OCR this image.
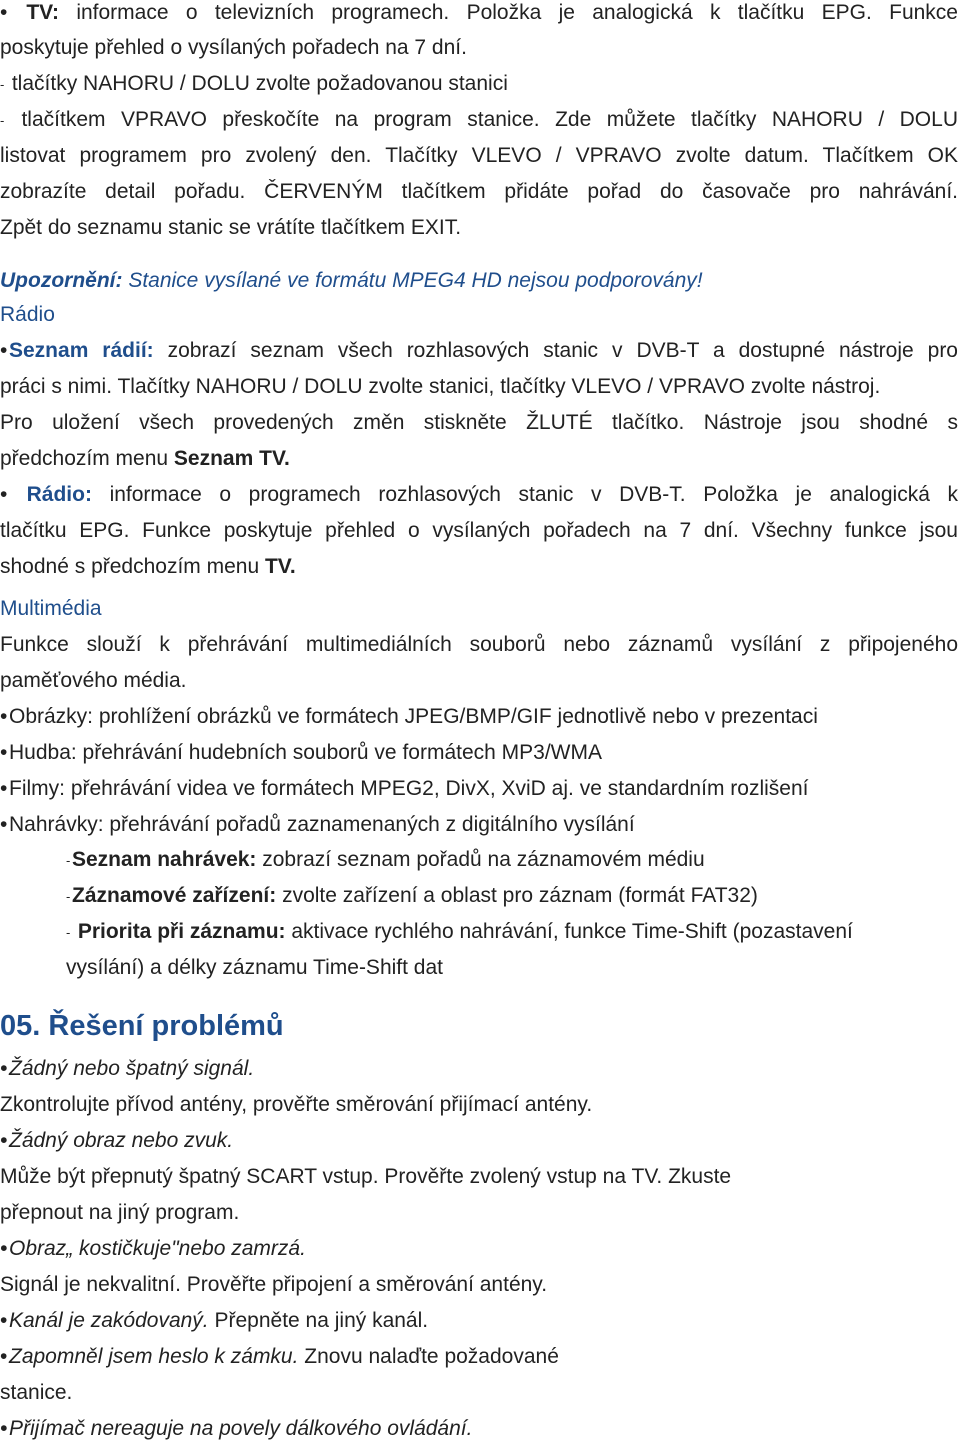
• TV: informace o televizních programech. Položka je analogická k tlačítku EPG. Funkce
poskytuje přehled o vysílaných pořadech na 7 dní.
- tlačítky NAHORU / DOLU zvolte požadovanou stanici
- tlačítkem VPRAVO přeskočíte na program stanice. Zde můžete tlačítky NAHORU / DOLU
listovat programem pro zvolený den. Tlačítky VLEVO / VPRAVO zvolte datum. Tlačítkem OK
zobrazíte detail pořadu. ČERVENÝM tlačítkem přidáte pořad do časovače pro nahrávání.
Zpět do seznamu stanic se vrátíte tlačítkem EXIT.
Upozornění: Stanice vysílané ve formátu MPEG4 HD nejsou podporovány!
Rádio
•Seznam rádií: zobrazí seznam všech rozhlasových stanic v DVB-T a dostupné nástroje pro
práci s nimi. Tlačítky NAHORU / DOLU zvolte stanici, tlačítky VLEVO / VPRAVO zvolte nástroj.
Pro uložení všech provedených změn stiskněte ŽLUTÉ tlačítko. Nástroje jsou shodné s
předchozím menu Seznam TV.
• Rádio: informace o programech rozhlasových stanic v DVB-T. Položka je analogická k
tlačítku EPG. Funkce poskytuje přehled o vysílaných pořadech na 7 dní. Všechny funkce jsou
shodné s předchozím menu TV.
Multimédia
Funkce slouží k přehrávání multimediálních souborů nebo záznamů vysílání z připojeného
paměťového média.
•Obrázky: prohlížení obrázků ve formátech JPEG/BMP/GIF jednotlivě nebo v prezentaci
•Hudba: přehrávání hudebních souborů ve formátech MP3/WMA
•Filmy: přehrávání videa ve formátech MPEG2, DivX, XviD aj. ve standardním rozlišení
•Nahrávky: přehrávání pořadů zaznamenaných z digitálního vysílání
-Seznam nahrávek: zobrazí seznam pořadů na záznamovém médiu
-Záznamové zařízení: zvolte zařízení a oblast pro záznam (formát FAT32)
- Priorita při záznamu: aktivace rychlého nahrávání, funkce Time-Shift (pozastavení
vysílání) a délky záznamu Time-Shift dat
05. Řešení problémů
•Žádný nebo špatný signál.
Zkontrolujte přívod antény, prověřte směrování přijímací antény.
•Žádný obraz nebo zvuk.
Může být přepnutý špatný SCART vstup. Prověřte zvolený vstup na TV. Zkuste
přepnout na jiný program.
•Obraz„ kostičkuje"nebo zamrzá.
Signál je nekvalitní. Prověřte připojení a směrování antény.
•Kanál je zakódovaný. Přepněte na jiný kanál.
•Zapomněl jsem heslo k zámku. Znovu nalaďte požadované
stanice.
•Přijímač nereaguje na povely dálkového ovládání.
